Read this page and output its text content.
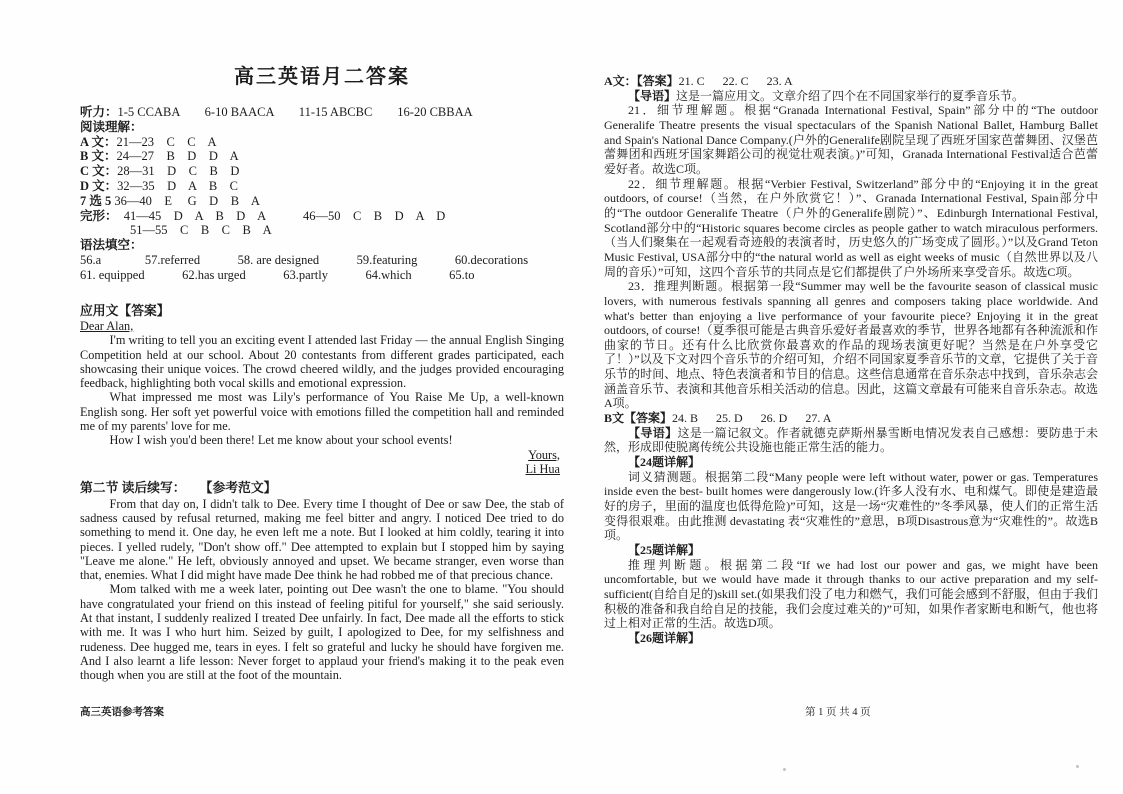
高三英语月二答案
听力：1-5 CCABA        6-10 BAACA        11-15 ABCBC        16-20 CBBAA
阅读理解：
A 文：21—23    C    C    A
B 文：24—27    B    D    D    A
C 文：28—31    D    C    B    D
D 文：32—35    D    A    B    C
7 选 5 36—40    E     G    D    B    A
完形：  41—45    D    A    B    D    A            46—50    C    B    D    A    D
51—55    C    B    C    B    A
语法填空：
56.a              57.referred            58. are designed            59.featuring            60.decorations
61. equipped            62.has urged            63.partly            64.which            65.to
应用文【答案】
Dear Alan,

I'm writing to tell you an exciting event I attended last Friday — the annual English Singing Competition held at our school. About 20 contestants from different grades participated, each showcasing their unique voices. The crowd cheered wildly, and the judges provided encouraging feedback, highlighting both vocal skills and emotional expression.

What impressed me most was Lily's performance of You Raise Me Up, a well-known English song. Her soft yet powerful voice with emotions filled the competition hall and reminded me of my parents' love for me.

How I wish you'd been there! Let me know about your school events!

Yours,
Li Hua
第二节 读后续写： 【参考范文】

From that day on, I didn't talk to Dee. Every time I thought of Dee or saw Dee, the stab of sadness caused by refusal returned, making me feel bitter and angry. I noticed Dee tried to do something to mend it. One day, he even left me a note. But I looked at him coldly, tearing it into pieces. I yelled rudely, "Don't show off." Dee attempted to explain but I stopped him by saying "Leave me alone." He left, obviously annoyed and upset. We became stranger, even worse than that, enemies. What I did might have made Dee think he had robbed me of that precious chance.

Mom talked with me a week later, pointing out Dee wasn't the one to blame. "You should have congratulated your friend on this instead of feeling pitiful for yourself," she said seriously. At that instant, I suddenly realized I treated Dee unfairly. In fact, Dee made all the efforts to stick with me. It was I who hurt him. Seized by guilt, I apologized to Dee, for my selfishness and rudeness. Dee hugged me, tears in eyes. I felt so grateful and lucky he should have forgiven me. And I also learnt a life lesson: Never forget to applaud your friend's making it to the peak even though when you are still at the foot of the mountain.

A文：【答案】21. C      22. C      23. A

【导语】这是一篇应用文。文章介绍了四个在不同国家举行的夏季音乐节。

21．细节理解题。根据“Granada International Festival, Spain”部分中的“The outdoor Generalife Theatre presents the visual spectaculars of the Spanish National Ballet, Hamburg Ballet and Spain's National Dance Company.(户外的Generalife剧院呈现了西班牙国家芭蕾舞团、汉堡芭蕾舞团和西班牙国家舞蹈公司的视觉壮观表演。)”可知，Granada International Festival适合芭蕾爱好者。故选C项。

22．细节理解题。根据“Verbier Festival, Switzerland”部分中的“Enjoying it in the great outdoors, of course!（当然，在户外欣赏它！）”、Granada International Festival, Spain部分中的“The outdoor Generalife Theatre（户外的Generalife剧院）”、Edinburgh International Festival, Scotland部分中的“Historic squares become circles as people gather to watch miraculous performers.（当人们聚集在一起观看奇迹般的表演者时，历史悠久的广场变成了圆形。）”以及Grand Teton Music Festival, USA部分中的“the natural world as well as eight weeks of music（自然世界以及八周的音乐）”可知，这四个音乐节的共同点是它们都提供了户外场所来享受音乐。故选C项。

23．推理判断题。根据第一段“Summer may well be the favourite season of classical music lovers, with numerous festivals spanning all genres and composers taking place worldwide. And what's better than enjoying a live performance of your favourite piece? Enjoying it in the great outdoors, of course!（夏季很可能是古典音乐爱好者最喜欢的季节，世界各地都有各种流派和作曲家的节日。还有什么比欣赏你最喜欢的作品的现场表演更好呢？当然是在户外享受它了！）”以及下文对四个音乐节的介绍可知，介绍不同国家夏季音乐节的文章，它提供了关于音乐节的时间、地点、特色表演者和节目的信息。这些信息通常在音乐杂志中找到，音乐杂志会涵盖音乐节、表演和其他音乐相关活动的信息。因此，这篇文章最有可能来自音乐杂志。故选A项。

B文【答案】24. B      25. D      26. D      27. A

【导语】这是一篇记叙文。作者就德克萨斯州暴雪断电情况发表自己感想：要防患于未然，形成即使脱离传统公共设施也能正常生活的能力。

【24题详解】

词义猜测题。根据第二段“Many people were left without water, power or gas. Temperatures inside even the best- built homes were dangerously low.(许多人没有水、电和煤气。即使是建造最好的房子，里面的温度也低得危险)”可知，这是一场“灾难性的”冬季风暴，使人们的正常生活变得很艰难。由此推测 devastating 表“灾难性的”意思，B项Disastrous意为“灾难性的”。故选B项。

【25题详解】

推理判断题。根据第二段“If we had lost our power and gas, we might have been uncomfortable, but we would have made it through thanks to our active preparation and my self-sufficient(自给自足的)skill set.(如果我们没了电力和燃气，我们可能会感到不舒服，但由于我们积极的准备和我自给自足的技能，我们会度过难关的)”可知，如果作者家断电和断气，他也将过上相对正常的生活。故选D项。

【26题详解】

高三英语参考答案	第 1 页 共 4 页
